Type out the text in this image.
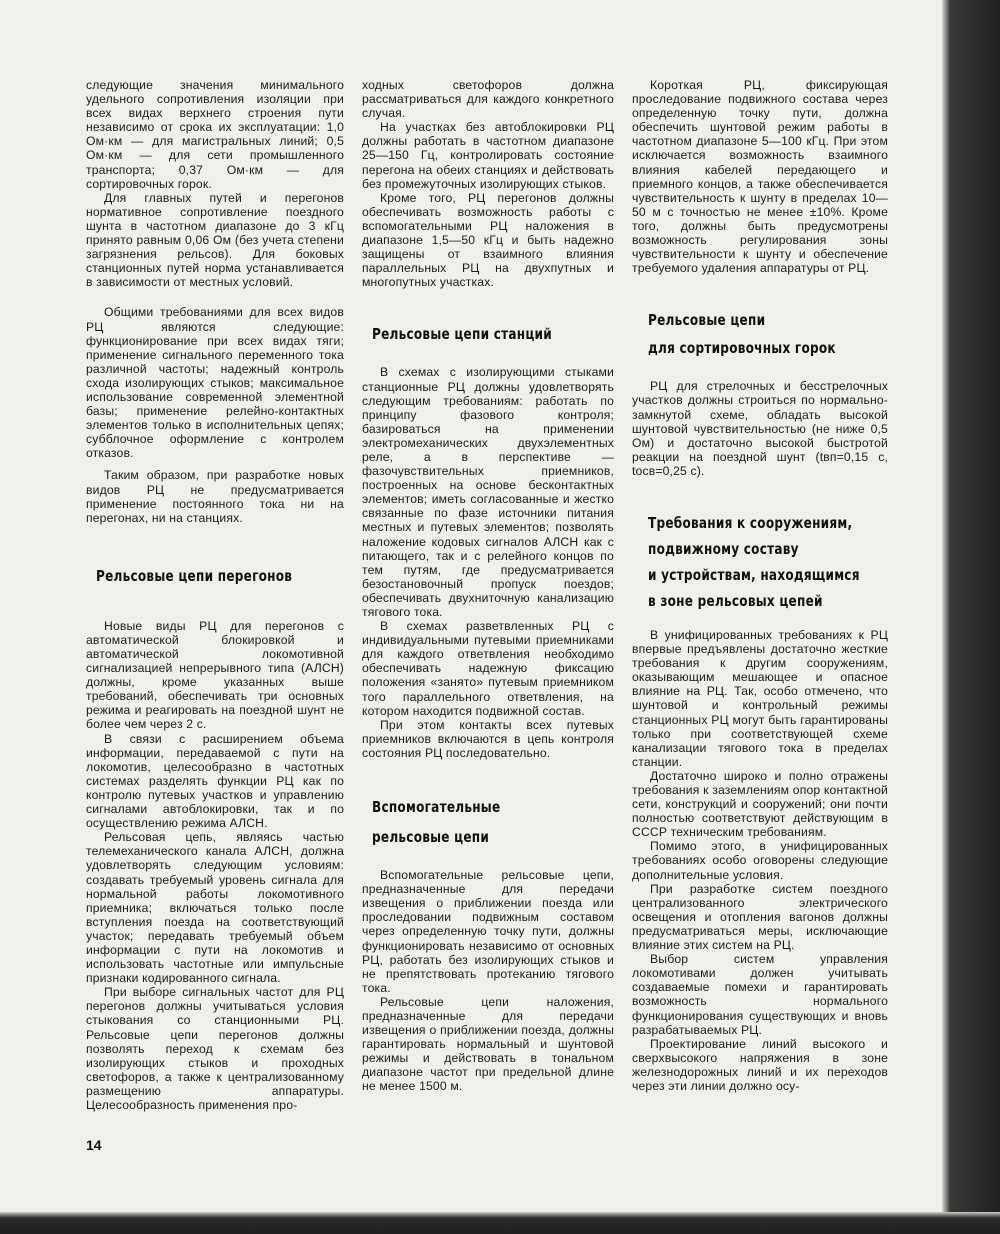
следующие значения минимального удельного сопротивления изоляции при всех видах верхнего строения пути независимо от срока их эксплуатации: 1,0 Ом·км — для магистральных линий; 0,5 Ом·км — для сети промышленного транспорта; 0,37 Ом·км — для сортировочных горок.

Для главных путей и перегонов нормативное сопротивление поездного шунта в частотном диапазоне до 3 кГц принято равным 0,06 Ом (без учета степени загрязнения рельсов). Для боковых станционных путей норма устанавливается в зависимости от местных условий.

Общими требованиями для всех видов РЦ являются следующие: функционирование при всех видах тяги; применение сигнального переменного тока различной частоты; надежный контроль схода изолирующих стыков; максимальное использование современной элементной базы; применение релейно-контактных элементов только в исполнительных цепях; субблочное оформление с контролем отказов.

Таким образом, при разработке новых видов РЦ не предусматривается применение постоянного тока ни на перегонах, ни на станциях.

Рельсовые цепи перегонов

Новые виды РЦ для перегонов с автоматической блокировкой и автоматической локомотивной сигнализацией непрерывного типа (АЛСН) должны, кроме указанных выше требований, обеспечивать три основных режима и реагировать на поездной шунт не более чем через 2 с.

В связи с расширением объема информации, передаваемой с пути на локомотив, целесообразно в частотных системах разделять функции РЦ как по контролю путевых участков и управлению сигналами автоблокировки, так и по осуществлению режима АЛСН.

Рельсовая цепь, являясь частью телемеханического канала АЛСН, должна удовлетворять следующим условиям: создавать требуемый уровень сигнала для нормальной работы локомотивного приемника; включаться только после вступления поезда на соответствующий участок; передавать требуемый объем информации с пути на локомотив и использовать частотные или импульсные признаки кодированного сигнала.

При выборе сигнальных частот для РЦ перегонов должны учитываться условия стыкования со станционными РЦ. Рельсовые цепи перегонов должны позволять переход к схемам без изолирующих стыков и проходных светофоров, а также к централизованному размещению аппаратуры. Целесообразность применения про-

ходных светофоров должна рассматриваться для каждого конкретного случая.

На участках без автоблокировки РЦ должны работать в частотном диапазоне 25—150 Гц, контролировать состояние перегона на обеих станциях и действовать без промежуточных изолирующих стыков.

Кроме того, РЦ перегонов должны обеспечивать возможность работы с вспомогательными РЦ наложения в диапазоне 1,5—50 кГц и быть надежно защищены от взаимного влияния параллельных РЦ на двухпутных и многопутных участках.

Рельсовые цепи станций

В схемах с изолирующими стыками станционные РЦ должны удовлетворять следующим требованиям: работать по принципу фазового контроля; базироваться на применении электромеханических двухэлементных реле, а в перспективе — фазочувствительных приемников, построенных на основе бесконтактных элементов; иметь согласованные и жестко связанные по фазе источники питания местных и путевых элементов; позволять наложение кодовых сигналов АЛСН как с питающего, так и с релейного концов по тем путям, где предусматривается безостановочный пропуск поездов; обеспечивать двухниточную канализацию тягового тока.

В схемах разветвленных РЦ с индивидуальными путевыми приемниками для каждого ответвления необходимо обеспечивать надежную фиксацию положения «занято» путевым приемником того параллельного ответвления, на котором находится подвижной состав.

При этом контакты всех путевых приемников включаются в цепь контроля состояния РЦ последовательно.

Вспомогательные
рельсовые цепи

Вспомогательные рельсовые цепи, предназначенные для передачи извещения о приближении поезда или проследовании подвижным составом через определенную точку пути, должны функционировать независимо от основных РЦ, работать без изолирующих стыков и не препятствовать протеканию тягового тока.

Рельсовые цепи наложения, предназначенные для передачи извещения о приближении поезда, должны гарантировать нормальный и шунтовой режимы и действовать в тональном диапазоне частот при предельной длине не менее 1500 м.

Короткая РЦ, фиксирующая проследование подвижного состава через определенную точку пути, должна обеспечить шунтовой режим работы в частотном диапазоне 5—100 кГц. При этом исключается возможность взаимного влияния кабелей передающего и приемного концов, а также обеспечивается чувствительность к шунту в пределах 10—50 м с точностью не менее ±10%. Кроме того, должны быть предусмотрены возможность регулирования зоны чувствительности к шунту и обеспечение требуемого удаления аппаратуры от РЦ.

Рельсовые цепи
для сортировочных горок

РЦ для стрелочных и бесстрелочных участков должны строиться по нормально-замкнутой схеме, обладать высокой шунтовой чувствительностью (не ниже 0,5 Ом) и достаточно высокой быстротой реакции на поездной шунт (tвп=0,15 с, tосв=0,25 с).

Требования к сооружениям,
подвижному составу
и устройствам, находящимся
в зоне рельсовых цепей

В унифицированных требованиях к РЦ впервые предъявлены достаточно жесткие требования к другим сооружениям, оказывающим мешающее и опасное влияние на РЦ. Так, особо отмечено, что шунтовой и контрольный режимы станционных РЦ могут быть гарантированы только при соответствующей схеме канализации тягового тока в пределах станции.

Достаточно широко и полно отражены требования к заземлениям опор контактной сети, конструкций и сооружений; они почти полностью соответствуют действующим в СССР техническим требованиям.

Помимо этого, в унифицированных требованиях особо оговорены следующие дополнительные условия.

При разработке систем поездного централизованного электрического освещения и отопления вагонов должны предусматриваться меры, исключающие влияние этих систем на РЦ.

Выбор систем управления локомотивами должен учитывать создаваемые помехи и гарантировать возможность нормального функционирования существующих и вновь разрабатываемых РЦ.

Проектирование линий высокого и сверхвысокого напряжения в зоне железнодорожных линий и их переходов через эти линии должно осу-

14
